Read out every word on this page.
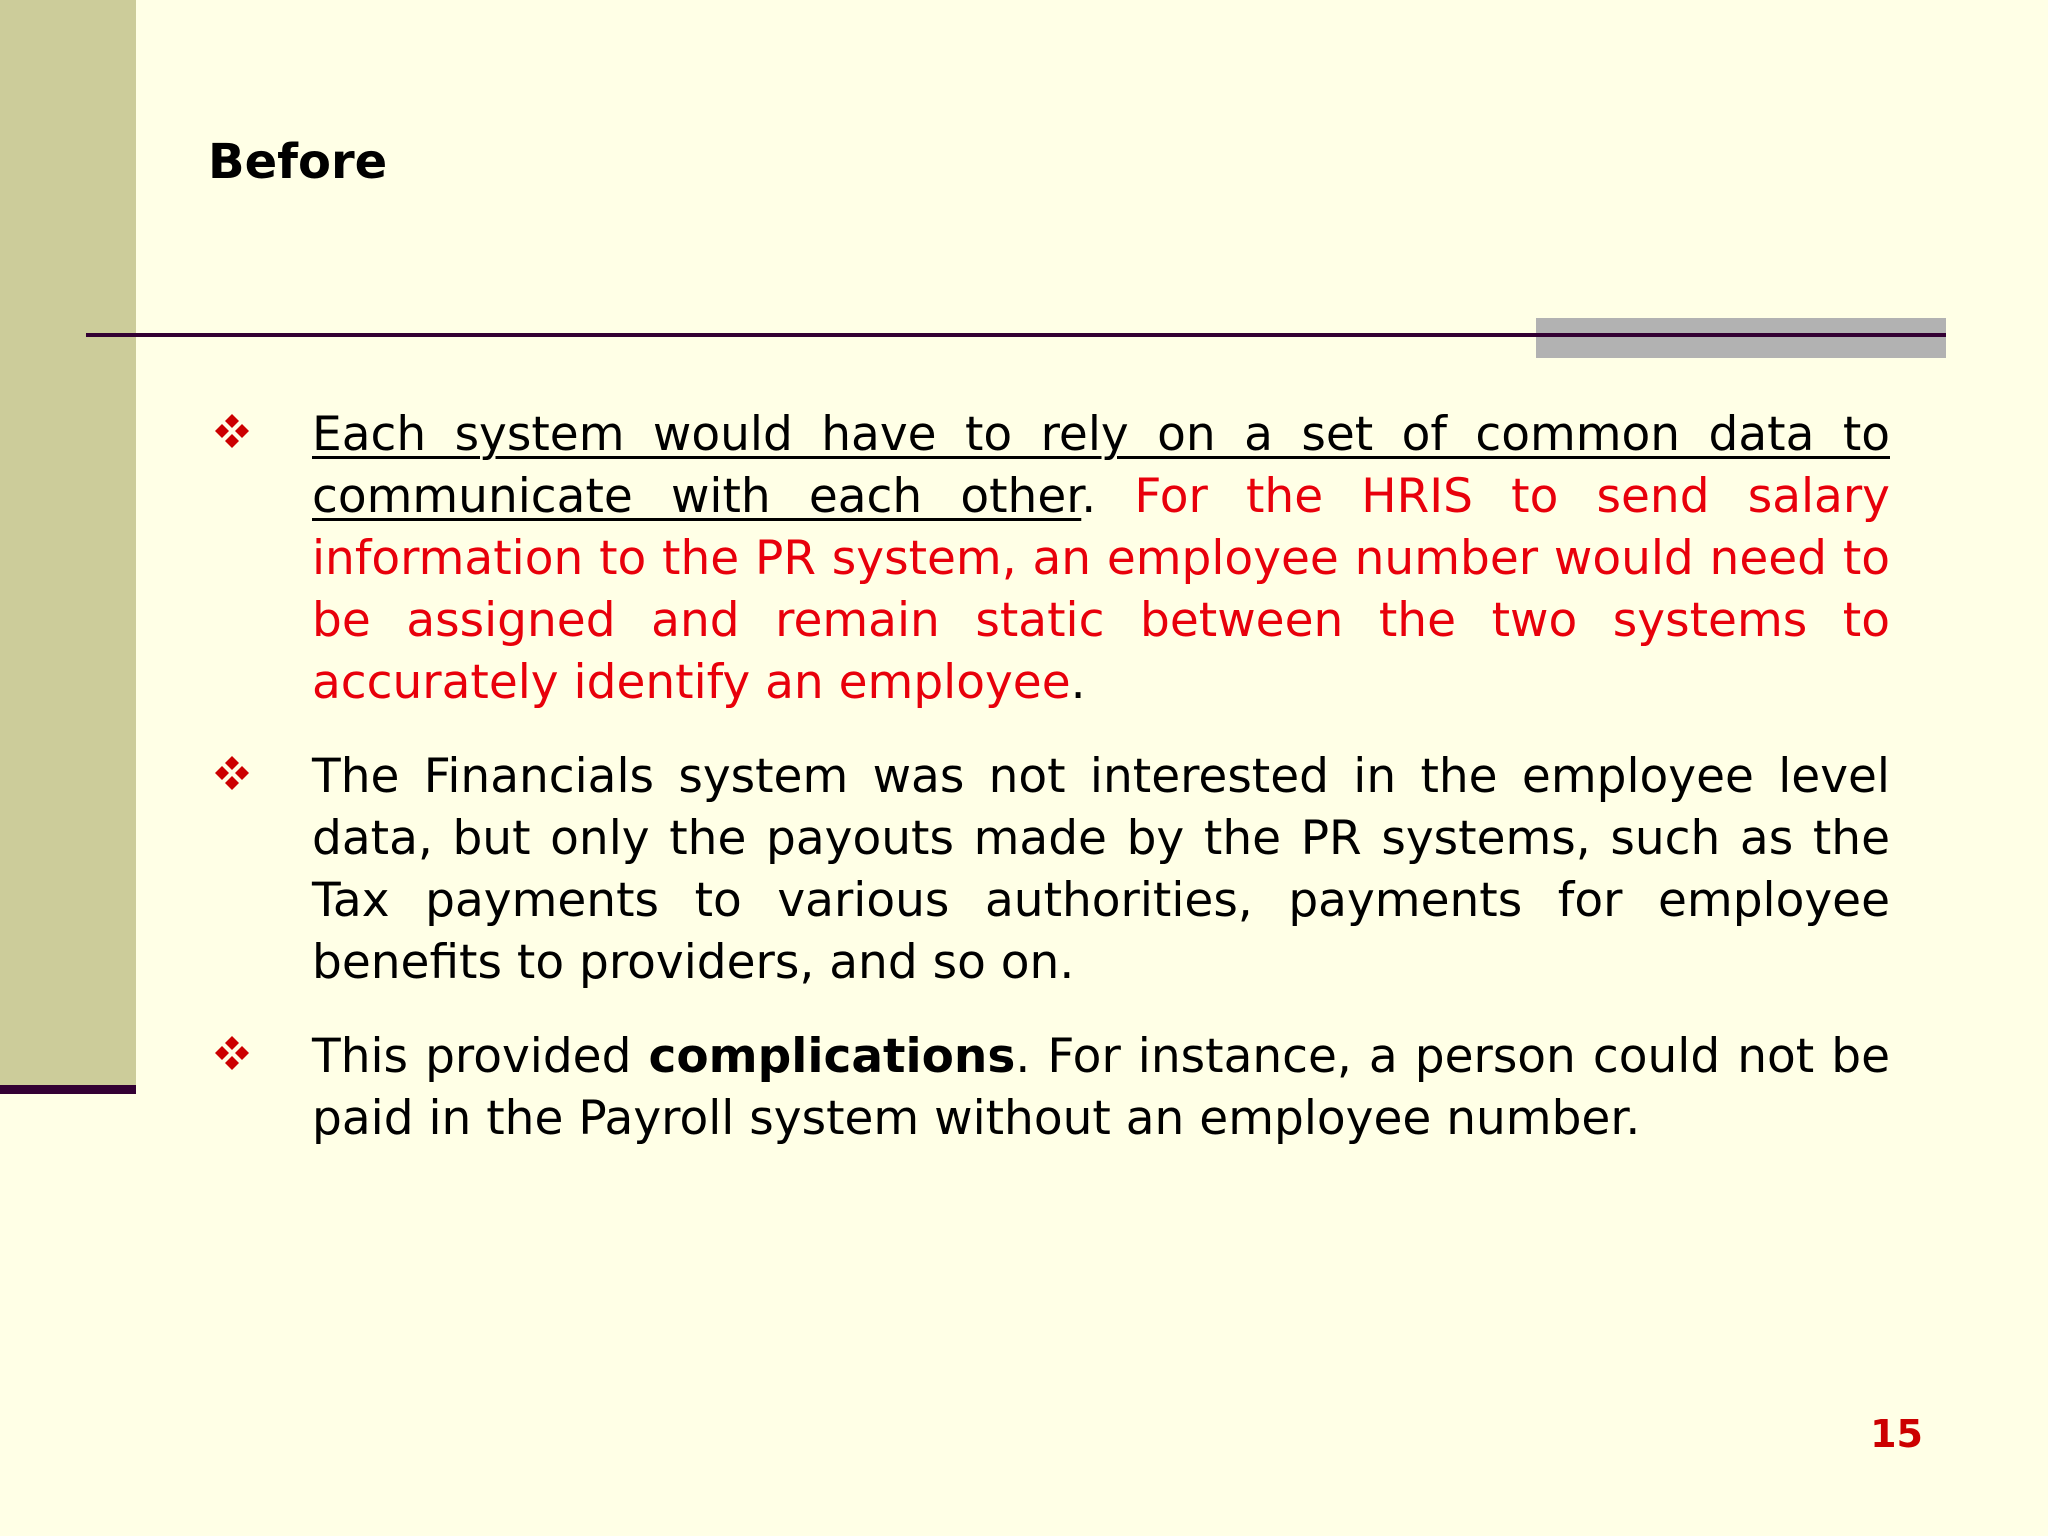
Before
Each system would have to rely on a set of common data to communicate with each other. For the HRIS to send salary information to the PR system, an employee number would need to be assigned and remain static between the two systems to accurately identify an employee.
The Financials system was not interested in the employee level data, but only the payouts made by the PR systems, such as the Tax payments to various authorities, payments for employee benefits to providers, and so on.
This provided complications. For instance, a person could not be paid in the Payroll system without an employee number.
15
